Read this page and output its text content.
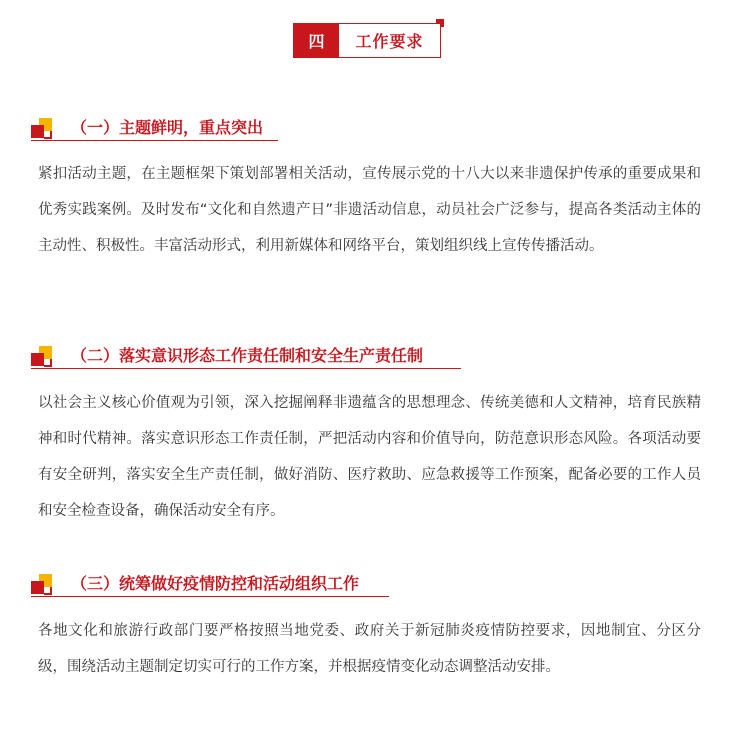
四	工作要求
（一）主题鲜明，重点突出

紧扣活动主题，在主题框架下策划部署相关活动，宣传展示党的十八大以来非遗保护传承的重要成果和优秀实践案例。及时发布“文化和自然遗产日”非遗活动信息，动员社会广泛参与，提高各类活动主体的主动性、积极性。丰富活动形式，利用新媒体和网络平台，策划组织线上宣传传播活动。

（二）落实意识形态工作责任制和安全生产责任制

以社会主义核心价值观为引领，深入挖掘阐释非遗蕴含的思想理念、传统美德和人文精神，培育民族精神和时代精神。落实意识形态工作责任制，严把活动内容和价值导向，防范意识形态风险。各项活动要有安全研判，落实安全生产责任制，做好消防、医疗救助、应急救援等工作预案，配备必要的工作人员和安全检查设备，确保活动安全有序。

（三）统筹做好疫情防控和活动组织工作

各地文化和旅游行政部门要严格按照当地党委、政府关于新冠肺炎疫情防控要求，因地制宜、分区分级，围绕活动主题制定切实可行的工作方案，并根据疫情变化动态调整活动安排。
